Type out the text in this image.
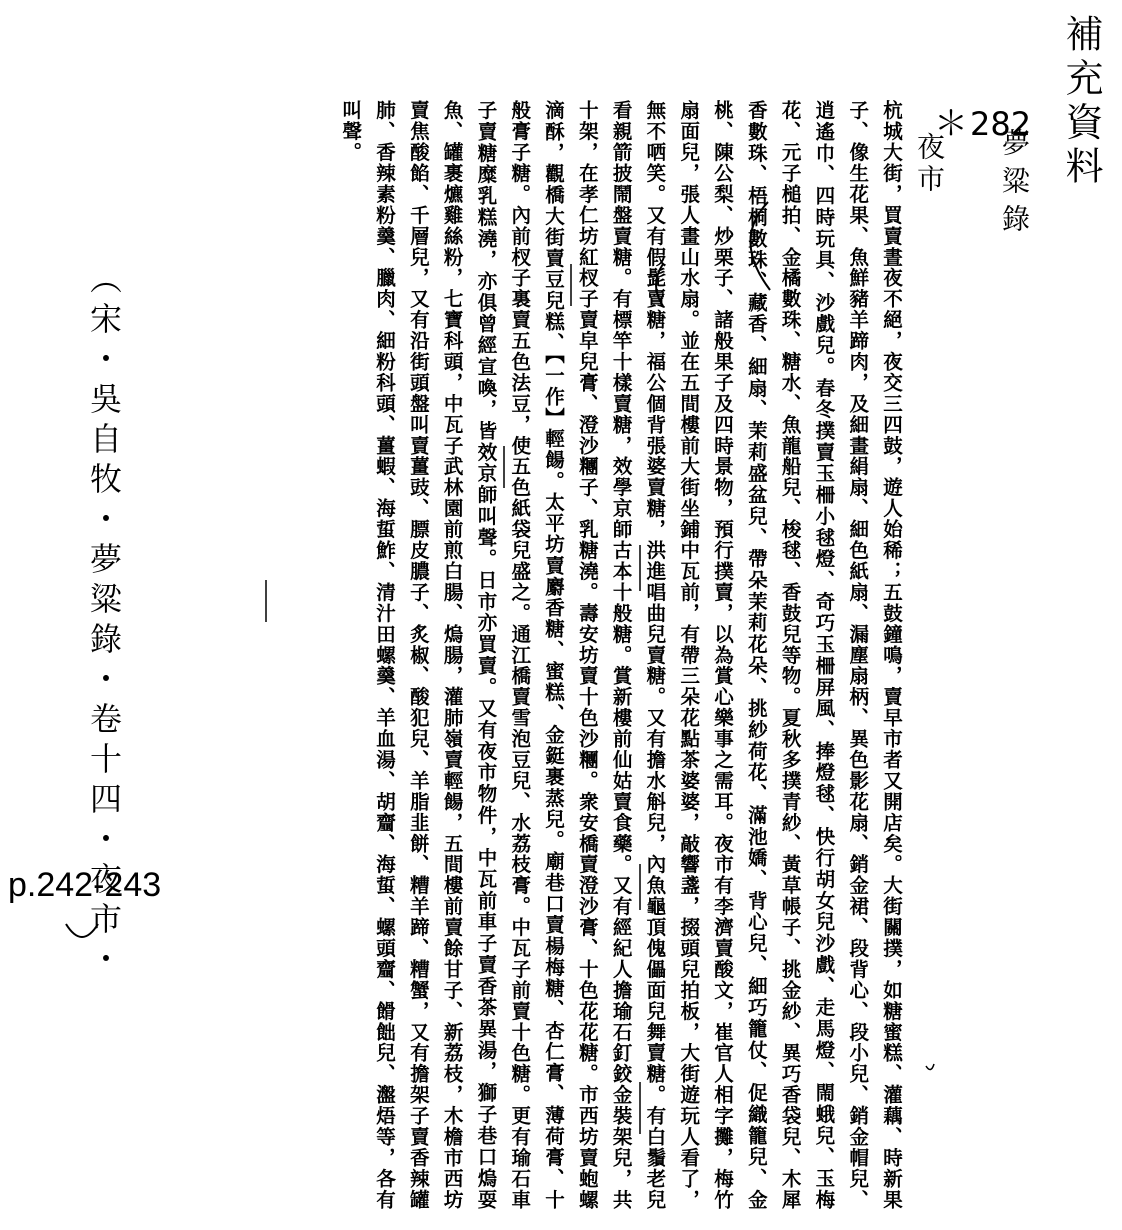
補充資料
＊282
夢粱錄
夜市
杭城大街，買賣晝夜不絕，夜交三四鼓，遊人始稀；五鼓鐘鳴，賣早市者又開店矣。大街關撲，如糖蜜糕、灌藕、時新果子、像生花果、魚鮮豬羊蹄肉，及細畫絹扇、細色紙扇、漏塵扇柄、異色影花扇、銷金裙、段背心、段小兒、銷金帽兒、逍遙巾、四時玩具、沙戲兒。春冬撲賣玉柵小毬燈、奇巧玉柵屏風、捧燈毬、快行胡女兒沙戲、走馬燈、閙蛾兒、玉梅花、元子槌拍、金橘數珠、糖水、魚龍船兒、梭毬、香鼓兒等物。夏秋多撲青紗、黃草帳子、挑金紗、異巧香袋兒、木犀香數珠、梧桐數珠、藏香、細扇、茉莉盛盆兒、帶朵茉莉花朵、挑紗荷花、滿池嬌、背心兒、細巧籠仗、促織籠兒、金桃、陳公梨、炒栗子、諸般果子及四時景物，預行撲賣，以為賞心樂事之需耳。夜市有李濟賣酸文，崔官人相字攤，梅竹扇面兒，張人畫山水扇。並在五間樓前大街坐鋪中瓦前，有帶三朵花點茶婆婆，敲響盞，掇頭兒拍板，大街遊玩人看了，無不哂笑。又有假髭賣糖，福公個背張婆賣糖，洪進唱曲兒賣糖。又有擔水斛兒，內魚龜頂傀儡面兒舞賣糖。有白鬚老兒看親箭披鬧盤賣糖。有標竿十樣賣糖，效學京師古本十般糖。賞新樓前仙姑賣食藥。又有經紀人擔瑜石釘鉸金裝架兒，共十架，在孝仁坊紅杈子賣皁兒膏、澄沙糰子、乳糖澆。壽安坊賣十色沙糰。衆安橋賣澄沙膏、十色花花糖。市西坊賣蚫螺滴酥，觀橋大街賣豆兒糕、【一作】輕餳。太平坊賣麝香糖、蜜糕、金鋌裹蒸兒。廟巷口賣楊梅糖、杏仁膏、薄荷膏、十般膏子糖。內前杈子裏賣五色法豆，使五色紙袋兒盛之。通江橋賣雪泡豆兒、水荔枝膏。中瓦子前賣十色糖。更有瑜石車子賣糖糜乳糕澆，亦俱曾經宣喚，皆效京師叫聲。日市亦買賣。又有夜市物件，中瓦前車子賣香茶異湯，獅子巷口熓耍魚、罐裹爊雞絲粉，七寶科頭，中瓦子武林園前煎白腸、熓腸，灌肺嶺賣輕餳，五間樓前賣餘甘子、新荔枝，木檐市西坊賣焦酸餡、千層兒，又有沿街頭盤叫賣薑豉、膘皮膿子、炙椒、酸犯兒、羊脂韭餅、糟羊蹄、糟蟹，又有擔架子賣香辣罐肺、香辣素粉羹、臘肉、細粉科頭、薑蝦、海蜇鮓、清汁田螺羹、羊血湯、胡齏、海蜇、螺頭齏、餶飿兒、瀊焐等，各有叫聲。
（宋・吳自牧・夢粱錄・卷十四・夜市・
p.242-243
